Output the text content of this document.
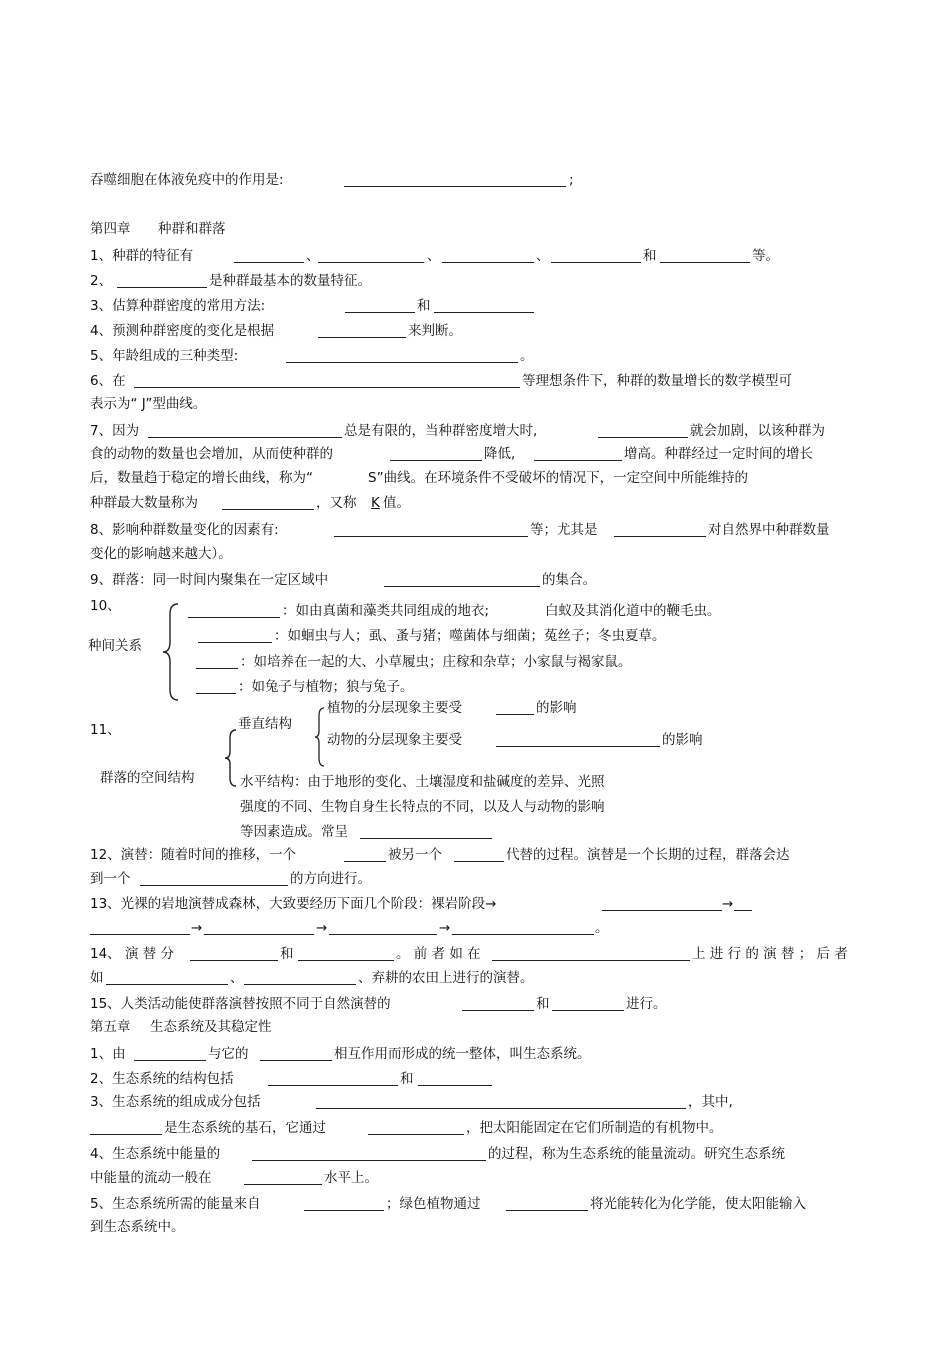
吞噬细胞在体液免疫中的作用是:	;
第四章 种群和群落
1、种群的特征有	、	、	、	和	等。
2、	是种群最基本的数量特征。
3、估算种群密度的常用方法:	和
4、预测种群密度的变化是根据	来判断。
5、年龄组成的三种类型:	。
6、在	等理想条件下，种群的数量增长的数学模型可
表示为“ J”型曲线。
7、因为	总是有限的，当种群密度增大时,	就会加剧，以该种群为
食的动物的数量也会增加，从而使种群的	降低,	增高。种群经过一定时间的增长
后，数量趋于稳定的增长曲线，称为“	S”曲线。在环境条件不受破坏的情况下，一定空间中所能维持的
种群最大数量称为	，又称 K 值。
8、影响种群数量变化的因素有:	等；尤其是	对自然界中种群数量
变化的影响越来越大）。
9、群落：同一时间内聚集在一定区域中	的集合。
10、
种间关系
：如由真菌和藻类共同组成的地衣;	白蚁及其消化道中的鞭毛虫。
：如蛔虫与人；虱、蚤与猪；噬菌体与细菌；菟丝子；冬虫夏草。
：如培养在一起的大、小草履虫；庄稼和杂草；小家鼠与褐家鼠。
：如兔子与植物；狼与兔子。
11、
群落的空间结构
垂直结构
植物的分层现象主要受	的影响
动物的分层现象主要受	的影响
水平结构：由于地形的变化、土壤湿度和盐碱度的差异、光照
强度的不同、生物自身生长特点的不同，以及人与动物的影响
等因素造成。常呈
12、演替：随着时间的推移，一个	被另一个	代替的过程。演替是一个长期的过程，群落会达
到一个	的方向进行。
13、光裸的岩地演替成森林，大致要经历下面几个阶段：裸岩阶段→	→
→	→	→	。
14、 演 替 分	和	。 前 者 如 在	上 进 行 的 演 替 ； 后 者
如	、	、弃耕的农田上进行的演替。
15、人类活动能使群落演替按照不同于自然演替的	和	进行。
第五章 生态系统及其稳定性
1、由	与它的	相互作用而形成的统一整体，叫生态系统。
2、生态系统的结构包括	和
3、生态系统的组成成分包括	，其中,
是生态系统的基石，它通过	，把太阳能固定在它们所制造的有机物中。
4、生态系统中能量的	的过程，称为生态系统的能量流动。研究生态系统
中能量的流动一般在	水平上。
5、生态系统所需的能量来自	；绿色植物通过	将光能转化为化学能，使太阳能输入
到生态系统中。
